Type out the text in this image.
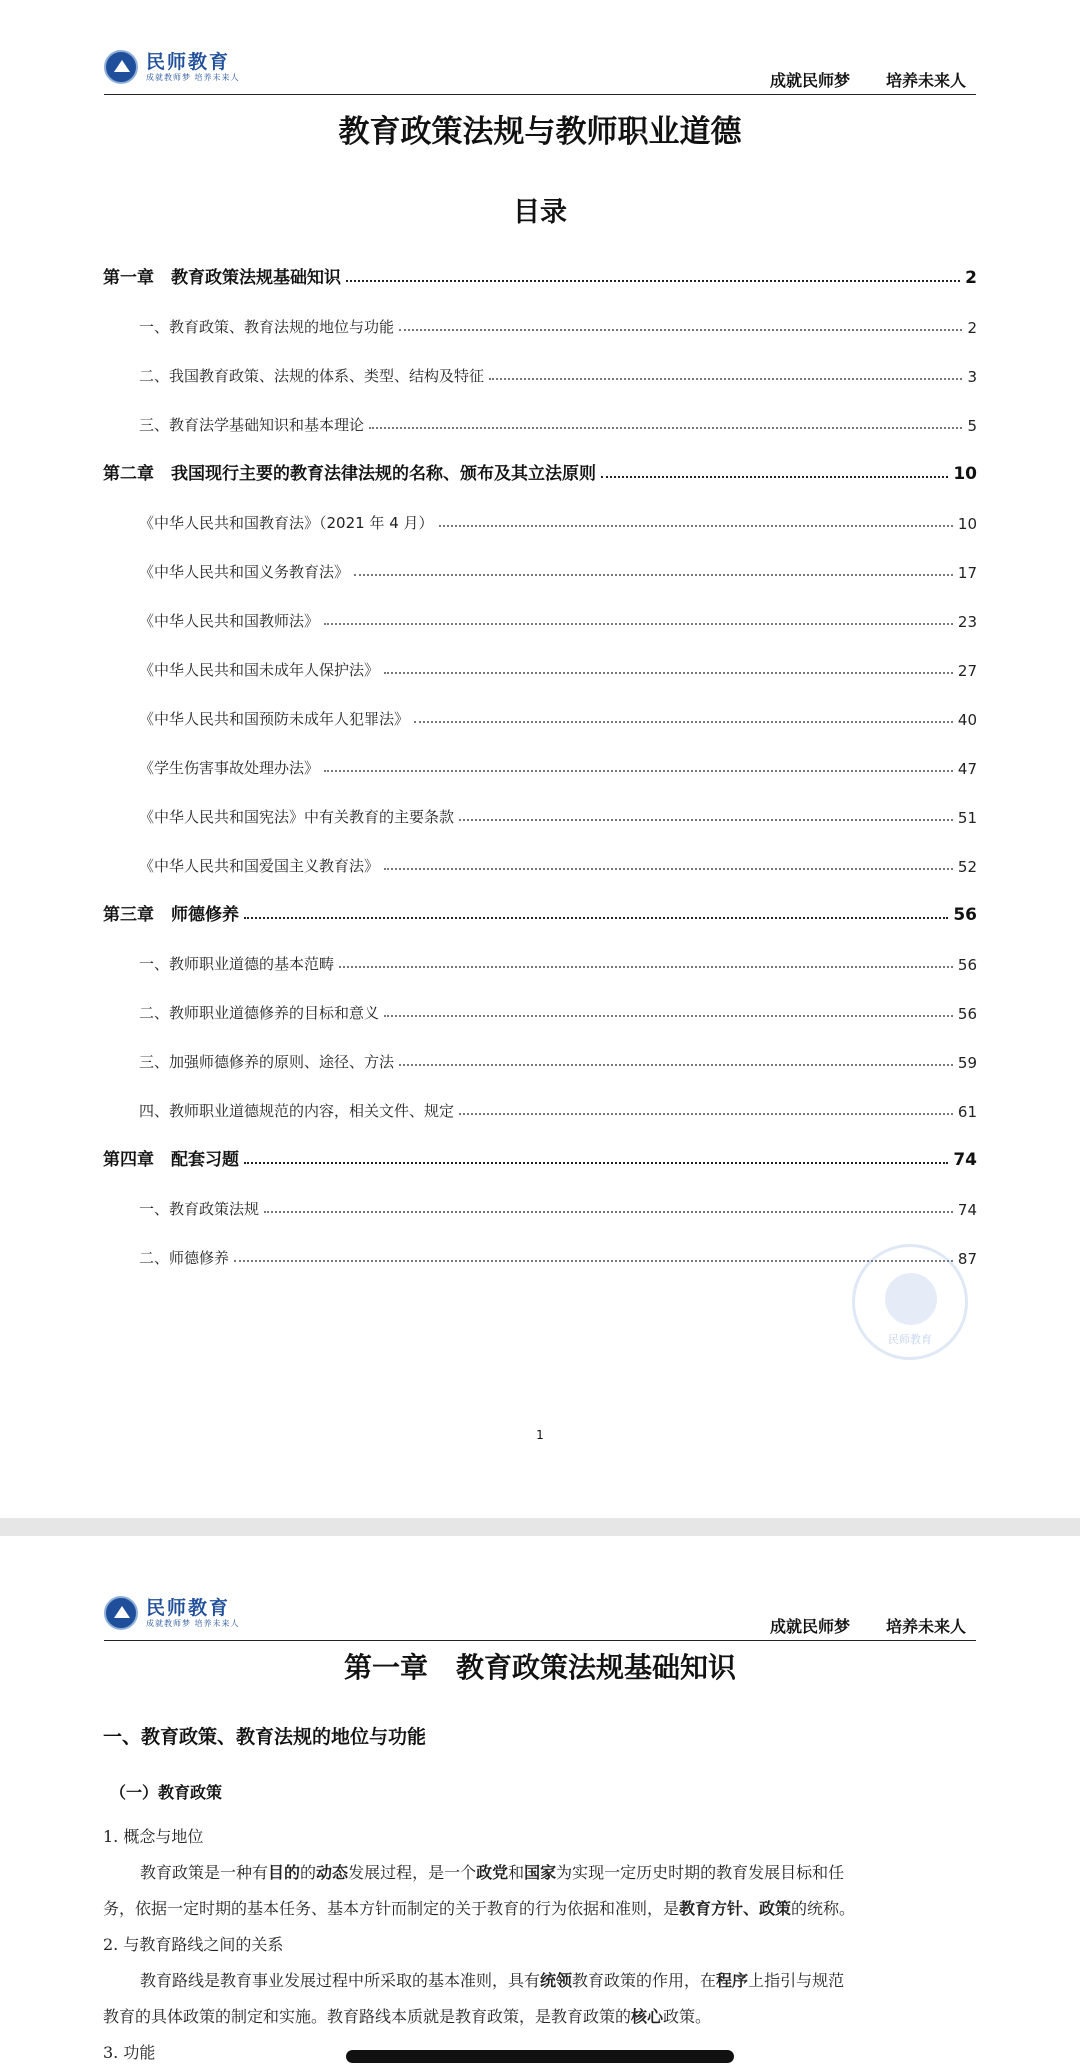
民师教育
成就教师梦 培养未来人	成就民师梦 培养未来人
教育政策法规与教师职业道德
目录
第一章　教育政策法规基础知识	2
一、教育政策、教育法规的地位与功能	2
二、我国教育政策、法规的体系、类型、结构及特征	3
三、教育法学基础知识和基本理论	5
第二章　我国现行主要的教育法律法规的名称、颁布及其立法原则	10
《中华人民共和国教育法》（2021 年 4 月）	10
《中华人民共和国义务教育法》	17
《中华人民共和国教师法》	23
《中华人民共和国未成年人保护法》	27
《中华人民共和国预防未成年人犯罪法》	40
《学生伤害事故处理办法》	47
《中华人民共和国宪法》中有关教育的主要条款	51
《中华人民共和国爱国主义教育法》	52
第三章　师德修养	56
一、教师职业道德的基本范畴	56
二、教师职业道德修养的目标和意义	56
三、加强师德修养的原则、途径、方法	59
四、教师职业道德规范的内容，相关文件、规定	61
第四章　配套习题	74
一、教育政策法规	74
二、师德修养	87
民师教育
1
民师教育
成就教师梦 培养未来人	成就民师梦 培养未来人
第一章　教育政策法规基础知识
一、教育政策、教育法规的地位与功能
（一）教育政策
1. 概念与地位
教育政策是一种有目的的动态发展过程，是一个政党和国家为实现一定历史时期的教育发展目标和任
务，依据一定时期的基本任务、基本方针而制定的关于教育的行为依据和准则，是教育方针、政策的统称。
2. 与教育路线之间的关系
教育路线是教育事业发展过程中所采取的基本准则，具有统领教育政策的作用，在程序上指引与规范
教育的具体政策的制定和实施。教育路线本质就是教育政策，是教育政策的核心政策。
3. 功能
